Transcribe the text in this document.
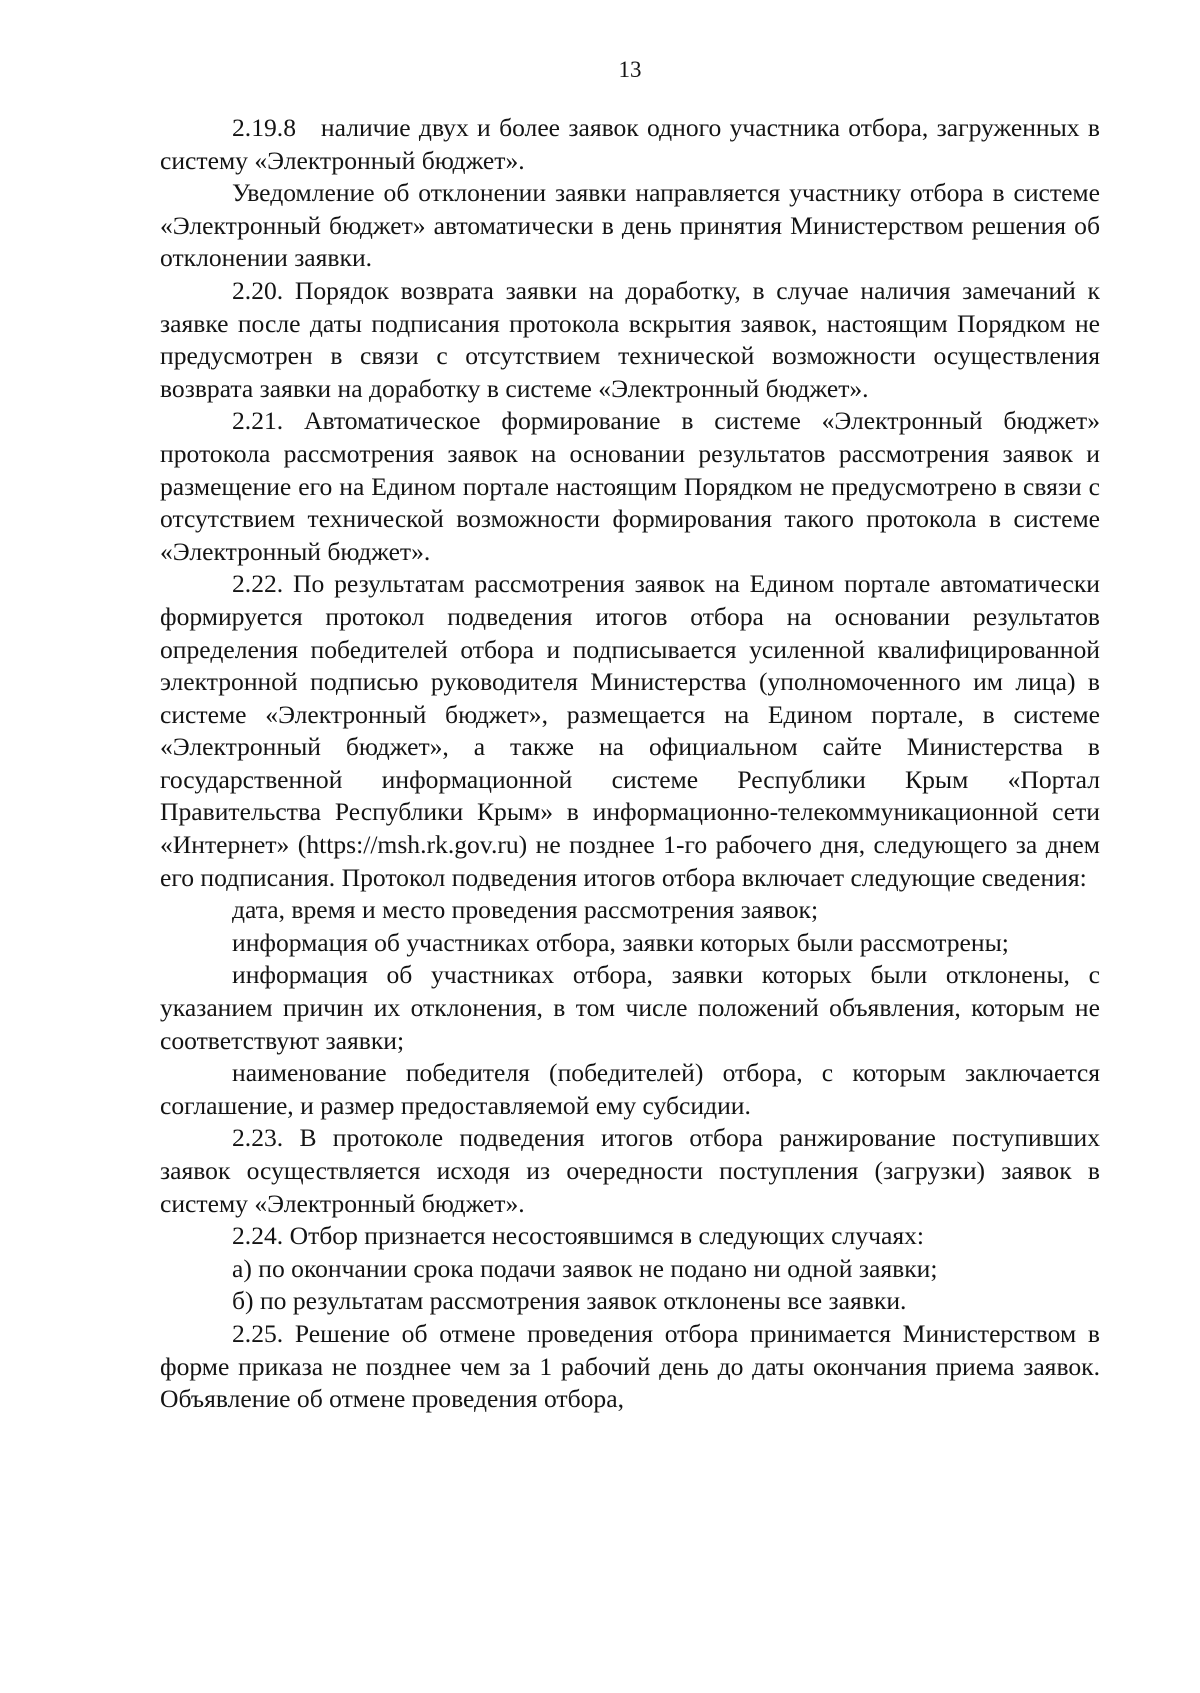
13

2.19.8   наличие двух и более заявок одного участника отбора, загруженных в систему «Электронный бюджет».

Уведомление об отклонении заявки направляется участнику отбора в системе «Электронный бюджет» автоматически в день принятия Министерством решения об отклонении заявки.

2.20. Порядок возврата заявки на доработку, в случае наличия замечаний к заявке после даты подписания протокола вскрытия заявок, настоящим Порядком не предусмотрен в связи с отсутствием технической возможности осуществления возврата заявки на доработку в системе «Электронный бюджет».

2.21. Автоматическое формирование в системе «Электронный бюджет» протокола рассмотрения заявок на основании результатов рассмотрения заявок и размещение его на Едином портале настоящим Порядком не предусмотрено в связи с отсутствием технической возможности формирования такого протокола в системе «Электронный бюджет».

2.22. По результатам рассмотрения заявок на Едином портале автоматически формируется протокол подведения итогов отбора на основании результатов определения победителей отбора и подписывается усиленной квалифицированной электронной подписью руководителя Министерства (уполномоченного им лица) в системе «Электронный бюджет», размещается на Едином портале, в системе «Электронный бюджет», а также на официальном сайте Министерства в государственной информационной системе Республики Крым «Портал Правительства Республики Крым» в информационно-телекоммуникационной сети «Интернет» (https://msh.rk.gov.ru) не позднее 1-го рабочего дня, следующего за днем его подписания. Протокол подведения итогов отбора включает следующие сведения:

дата, время и место проведения рассмотрения заявок;

информация об участниках отбора, заявки которых были рассмотрены;

информация об участниках отбора, заявки которых были отклонены, с указанием причин их отклонения, в том числе положений объявления, которым не соответствуют заявки;

наименование победителя (победителей) отбора, с которым заключается соглашение, и размер предоставляемой ему субсидии.

2.23. В протоколе подведения итогов отбора ранжирование поступивших заявок осуществляется исходя из очередности поступления (загрузки) заявок в систему «Электронный бюджет».

2.24. Отбор признается несостоявшимся в следующих случаях:

а) по окончании срока подачи заявок не подано ни одной заявки;

б) по результатам рассмотрения заявок отклонены все заявки.

2.25. Решение об отмене проведения отбора принимается Министерством в форме приказа не позднее чем за 1 рабочий день до даты окончания приема заявок. Объявление об отмене проведения отбора,
